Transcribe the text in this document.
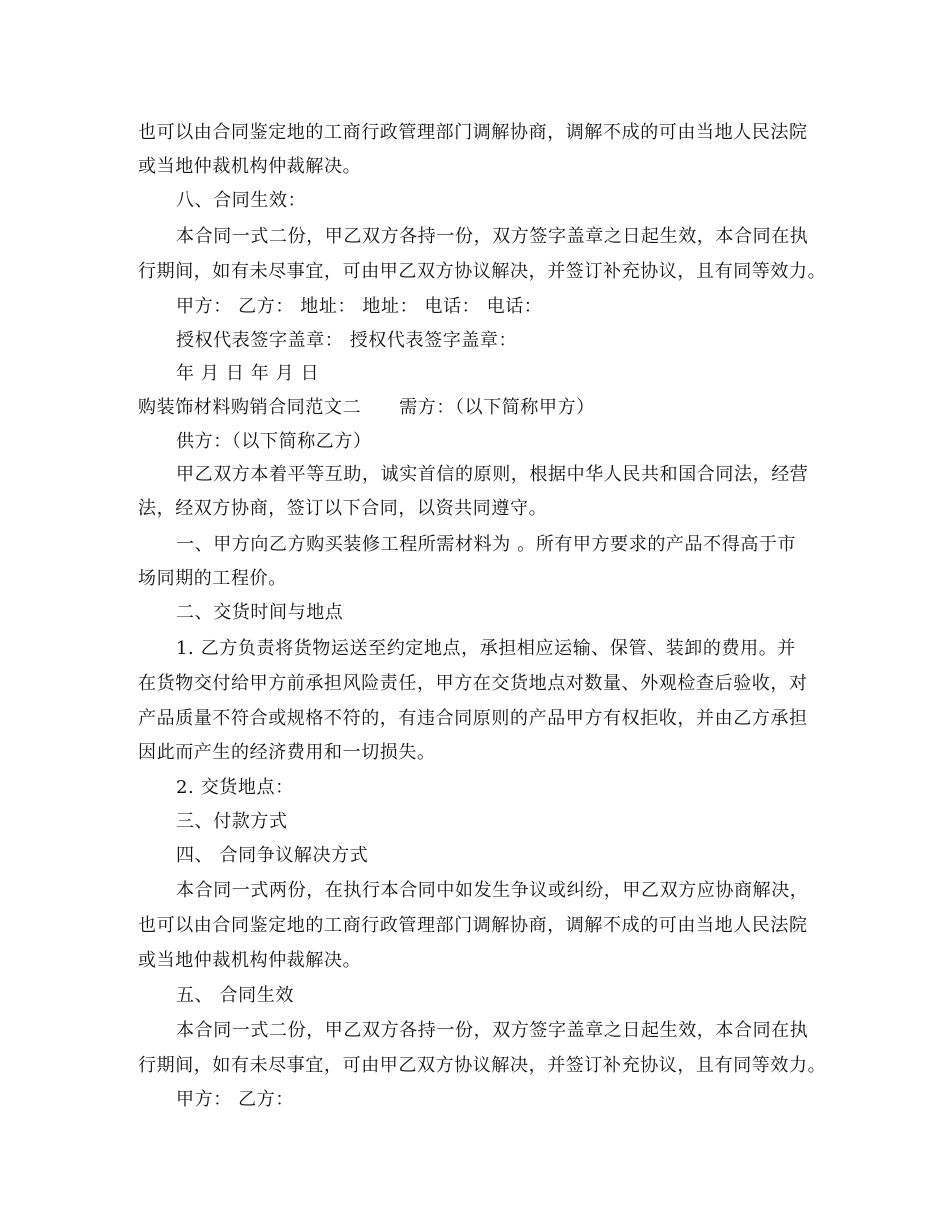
也可以由合同鉴定地的工商行政管理部门调解协商，调解不成的可由当地人民法院
或当地仲裁机构仲裁解决。
八、合同生效：
本合同一式二份，甲乙双方各持一份，双方签字盖章之日起生效，本合同在执
行期间，如有未尽事宜，可由甲乙双方协议解决，并签订补充协议，且有同等效力。
甲方： 乙方： 地址： 地址： 电话： 电话：
授权代表签字盖章： 授权代表签字盖章：
年 月 日 年 月 日
购装饰材料购销合同范文二 需方：（以下简称甲方）
供方：（以下简称乙方）
甲乙双方本着平等互助，诚实首信的原则，根据中华人民共和国合同法，经营
法，经双方协商，签订以下合同，以资共同遵守。
一、甲方向乙方购买装修工程所需材料为 。所有甲方要求的产品不得高于市
场同期的工程价。
二、交货时间与地点
1. 乙方负责将货物运送至约定地点，承担相应运输、保管、装卸的费用。并
在货物交付给甲方前承担风险责任，甲方在交货地点对数量、外观检查后验收，对
产品质量不符合或规格不符的，有违合同原则的产品甲方有权拒收，并由乙方承担
因此而产生的经济费用和一切损失。
2. 交货地点：
三、付款方式
四、 合同争议解决方式
本合同一式两份，在执行本合同中如发生争议或纠纷，甲乙双方应协商解决，
也可以由合同鉴定地的工商行政管理部门调解协商，调解不成的可由当地人民法院
或当地仲裁机构仲裁解决。
五、 合同生效
本合同一式二份，甲乙双方各持一份，双方签字盖章之日起生效，本合同在执
行期间，如有未尽事宜，可由甲乙双方协议解决，并签订补充协议，且有同等效力。
甲方： 乙方：
